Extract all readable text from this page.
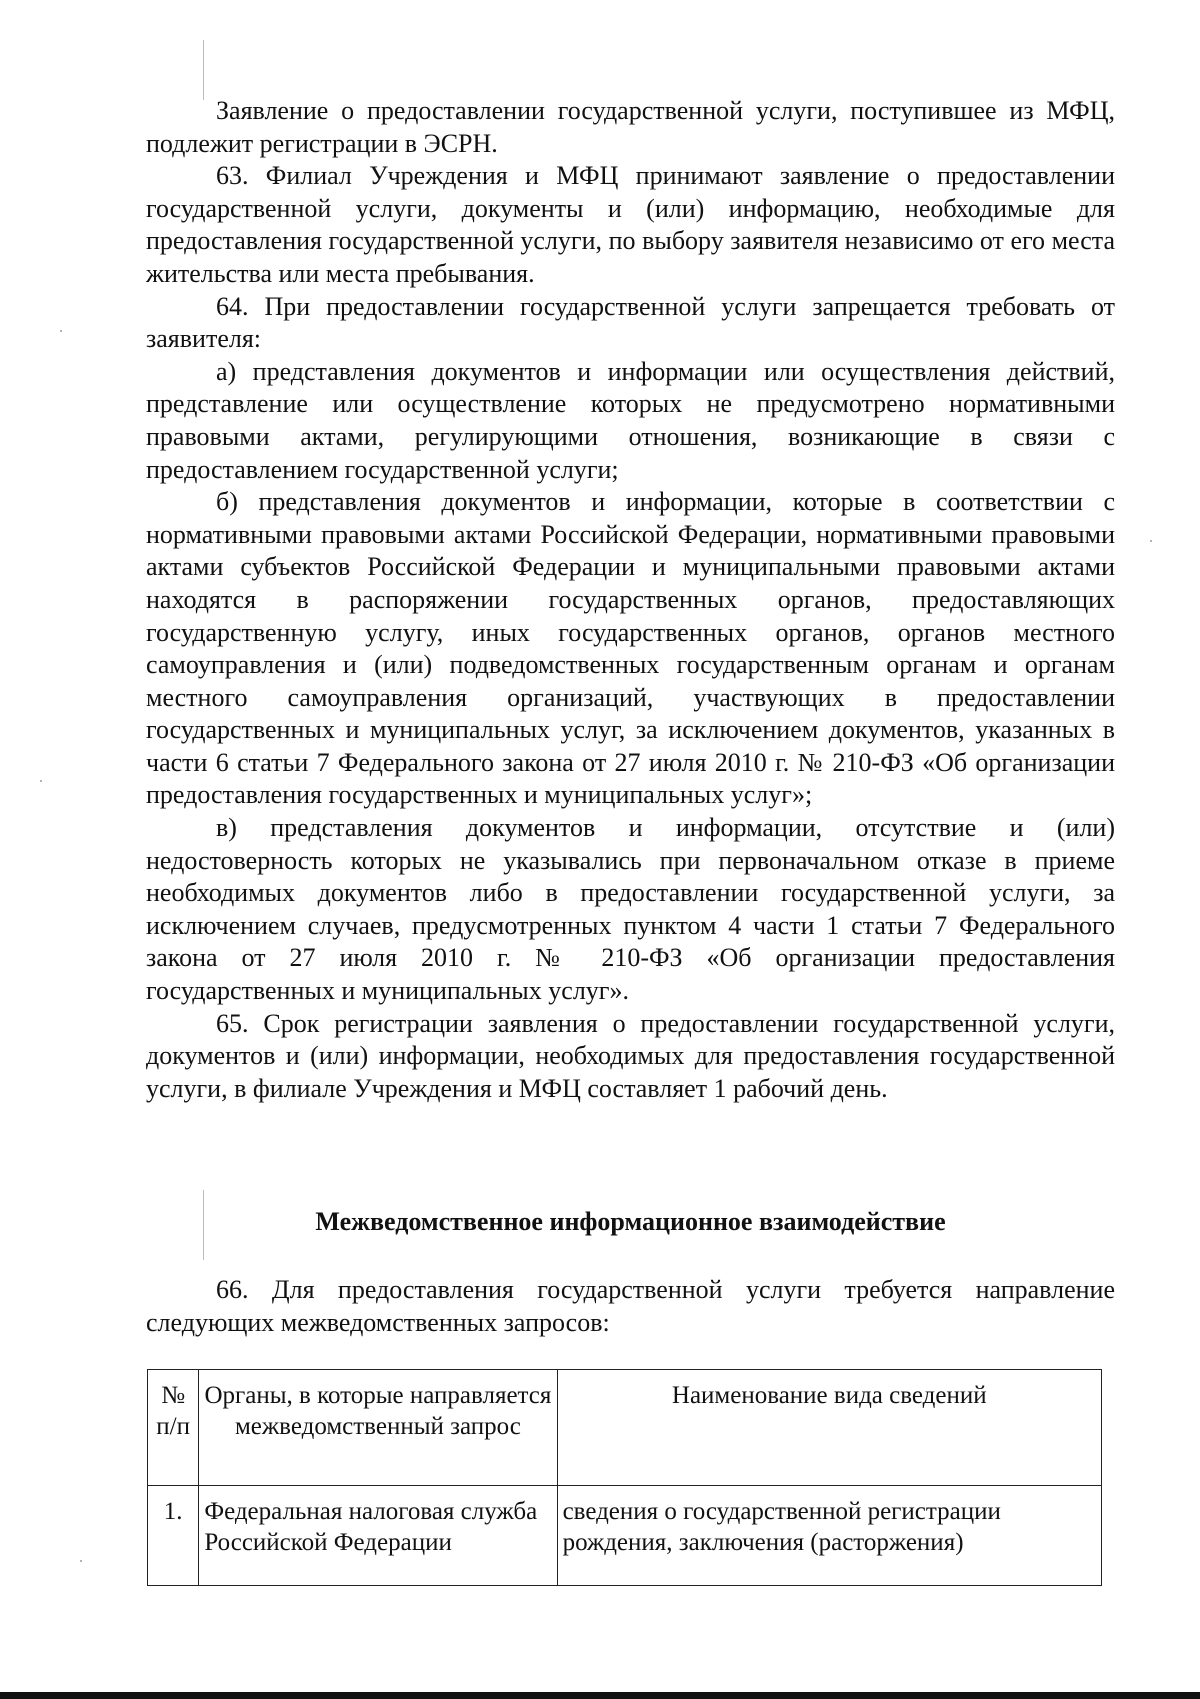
Заявление о предоставлении государственной услуги, поступившее из МФЦ, подлежит регистрации в ЭСРН.

63. Филиал Учреждения и МФЦ принимают заявление о предоставлении государственной услуги, документы и (или) информацию, необходимые для предоставления государственной услуги, по выбору заявителя независимо от его места жительства или места пребывания.

64. При предоставлении государственной услуги запрещается требовать от заявителя:

а) представления документов и информации или осуществления действий, представление или осуществление которых не предусмотрено нормативными правовыми актами, регулирующими отношения, возникающие в связи с предоставлением государственной услуги;

б) представления документов и информации, которые в соответствии с нормативными правовыми актами Российской Федерации, нормативными правовыми актами субъектов Российской Федерации и муниципальными правовыми актами находятся в распоряжении государственных органов, предоставляющих государственную услугу, иных государственных органов, органов местного самоуправления и (или) подведомственных государственным органам и органам местного самоуправления организаций, участвующих в предоставлении государственных и муниципальных услуг, за исключением документов, указанных в части 6 статьи 7 Федерального закона от 27 июля 2010 г. № 210-ФЗ «Об организации предоставления государственных и муниципальных услуг»;

в) представления документов и информации, отсутствие и (или) недостоверность которых не указывались при первоначальном отказе в приеме необходимых документов либо в предоставлении государственной услуги, за исключением случаев, предусмотренных пунктом 4 части 1 статьи 7 Федерального закона от 27 июля 2010 г. № 210-ФЗ «Об организации предоставления государственных и муниципальных услуг».

65. Срок регистрации заявления о предоставлении государственной услуги, документов и (или) информации, необходимых для предоставления государственной услуги, в филиале Учреждения и МФЦ составляет 1 рабочий день.

Межведомственное информационное взаимодействие

66. Для предоставления государственной услуги требуется направление следующих межведомственных запросов:

№ п/п	Органы, в которые направляется межведомственный запрос	Наименование вида сведений
1.	Федеральная налоговая служба Российской Федерации	сведения о государственной регистрации рождения, заключения (расторжения)
